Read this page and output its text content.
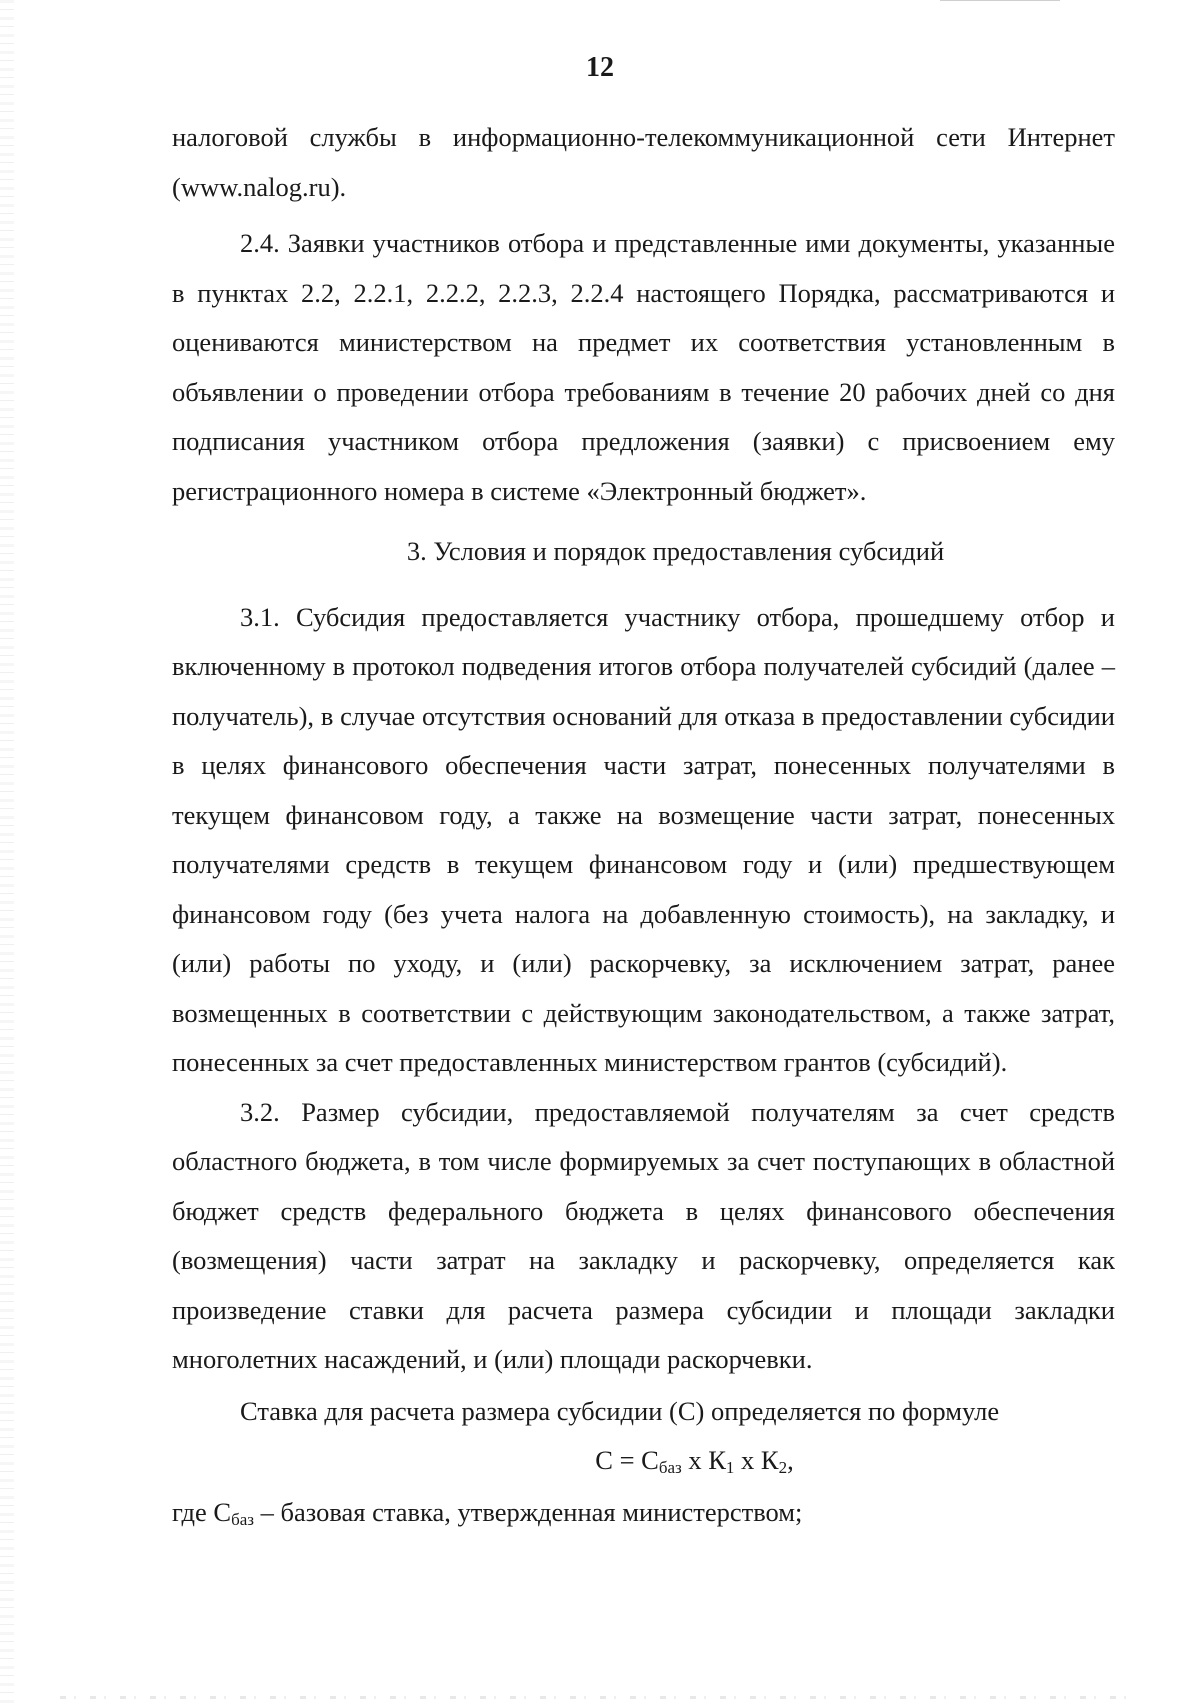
12

налоговой службы в информационно-телекоммуникационной сети Интернет (www.nalog.ru).

2.4. Заявки участников отбора и представленные ими документы, указанные в пунктах 2.2, 2.2.1, 2.2.2, 2.2.3, 2.2.4 настоящего Порядка, рассматриваются и оцениваются министерством на предмет их соответствия установленным в объявлении о проведении отбора требованиям в течение 20 рабочих дней со дня подписания участником отбора предложения (заявки) с присвоением ему регистрационного номера в системе «Электронный бюджет».

3. Условия и порядок предоставления субсидий

3.1. Субсидия предоставляется участнику отбора, прошедшему отбор и включенному в протокол подведения итогов отбора получателей субсидий (далее – получатель), в случае отсутствия оснований для отказа в предоставлении субсидии в целях финансового обеспечения части затрат, понесенных получателями в текущем финансовом году, а также на возмещение части затрат, понесенных получателями средств в текущем финансовом году и (или) предшествующем финансовом году (без учета налога на добавленную стоимость), на закладку, и (или) работы по уходу, и (или) раскорчевку, за исключением затрат, ранее возмещенных в соответствии с действующим законодательством, а также затрат, понесенных за счет предоставленных министерством грантов (субсидий).

3.2. Размер субсидии, предоставляемой получателям за счет средств областного бюджета, в том числе формируемых за счет поступающих в областной бюджет средств федерального бюджета в целях финансового обеспечения (возмещения) части затрат на закладку и раскорчевку, определяется как произведение ставки для расчета размера субсидии и площади закладки многолетних насаждений, и (или) площади раскорчевки.

Ставка для расчета размера субсидии (С) определяется по формуле

$С = С_{баз}$ х $К_1$ х $К_2$,

где $С_{баз}$ – базовая ставка, утвержденная министерством;
